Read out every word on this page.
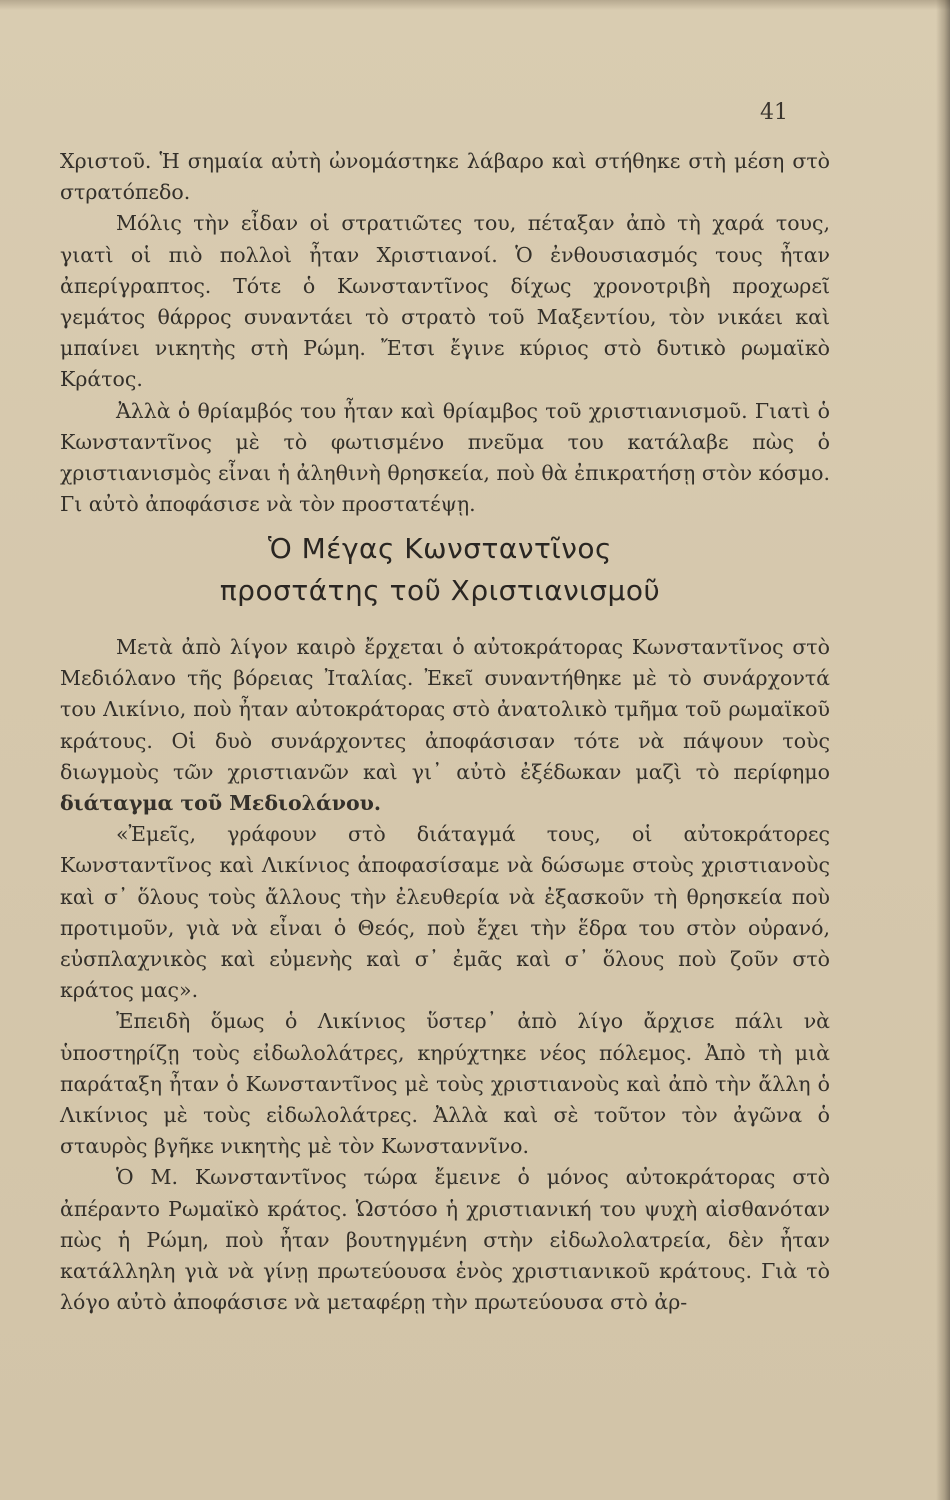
41

Χριστοῦ. Ἡ σημαία αὐτὴ ὠνομάστηκε λάβαρο καὶ στήθηκε στὴ μέση στὸ στρατόπεδο.

Μόλις τὴν εἶδαν οἱ στρατιῶτες του, πέταξαν ἀπὸ τὴ χαρά τους, γιατὶ οἱ πιὸ πολλοὶ ἦταν Χριστιανοί. Ὁ ἐνθουσιασμός τους ἦταν ἀπερίγραπτος. Τότε ὁ Κωνσταντῖνος δίχως χρονοτριβὴ προχωρεῖ γεμάτος θάρρος συναντάει τὸ στρατὸ τοῦ Μαξεντίου, τὸν νικάει καὶ μπαίνει νικητὴς στὴ Ρώμη. Ἔτσι ἔγινε κύριος στὸ δυτικὸ ρωμαϊκὸ Κράτος.

Ἀλλὰ ὁ θρίαμβός του ἦταν καὶ θρίαμβος τοῦ χριστιανισμοῦ. Γιατὶ ὁ Κωνσταντῖνος μὲ τὸ φωτισμένο πνεῦμα του κατάλαβε πὼς ὁ χριστιανισμὸς εἶναι ἡ ἀληθινὴ θρησκεία, ποὺ θὰ ἐπικρατήσῃ στὸν κόσμο. Γι αὐτὸ ἀποφάσισε νὰ τὸν προστατέψῃ.

Ὁ Μέγας Κωνσταντῖνος
προστάτης τοῦ Χριστιανισμοῦ

Μετὰ ἀπὸ λίγον καιρὸ ἔρχεται ὁ αὐτοκράτορας Κωνσταντῖνος στὸ Μεδιόλανο τῆς βόρειας Ἰταλίας. Ἐκεῖ συναντήθηκε μὲ τὸ συνάρχοντά του Λικίνιο, ποὺ ἦταν αὐτοκράτορας στὸ ἀνατολικὸ τμῆμα τοῦ ρωμαϊκοῦ κράτους. Οἱ δυὸ συνάρχοντες ἀποφάσισαν τότε νὰ πάψουν τοὺς διωγμοὺς τῶν χριστιανῶν καὶ γι᾿ αὐτὸ ἐξέδωκαν μαζὶ τὸ περίφημο διάταγμα τοῦ Μεδιολάνου.

«Ἐμεῖς, γράφουν στὸ διάταγμά τους, οἱ αὐτοκράτορες Κωνσταντῖνος καὶ Λικίνιος ἀποφασίσαμε νὰ δώσωμε στοὺς χριστιανοὺς καὶ σ᾿ ὅλους τοὺς ἄλλους τὴν ἐλευθερία νὰ ἐξασκοῦν τὴ θρησκεία ποὺ προτιμοῦν, γιὰ νὰ εἶναι ὁ Θεός, ποὺ ἔχει τὴν ἕδρα του στὸν οὐρανό, εὐσπλαχνικὸς καὶ εὐμενὴς καὶ σ᾿ ἐμᾶς καὶ σ᾿ ὅλους ποὺ ζοῦν στὸ κράτος μας».

Ἐπειδὴ ὅμως ὁ Λικίνιος ὕστερ᾿ ἀπὸ λίγο ἄρχισε πάλι νὰ ὑποστηρίζῃ τοὺς εἰδωλολάτρες, κηρύχτηκε νέος πόλεμος. Ἀπὸ τὴ μιὰ παράταξη ἦταν ὁ Κωνσταντῖνος μὲ τοὺς χριστιανοὺς καὶ ἀπὸ τὴν ἄλλη ὁ Λικίνιος μὲ τοὺς εἰδωλολάτρες. Ἀλλὰ καὶ σὲ τοῦτον τὸν ἀγῶνα ὁ σταυρὸς βγῆκε νικητὴς μὲ τὸν Κωνσταννῖνο.

Ὁ Μ. Κωνσταντῖνος τώρα ἔμεινε ὁ μόνος αὐτοκράτορας στὸ ἀπέραντο Ρωμαϊκὸ κράτος. Ὡστόσο ἡ χριστιανική του ψυχὴ αἰσθανόταν πὼς ἡ Ρώμη, ποὺ ἦταν βουτηγμένη στὴν εἰδωλολατρεία, δὲν ἦταν κατάλληλη γιὰ νὰ γίνῃ πρωτεύουσα ἑνὸς χριστιανικοῦ κράτους. Γιὰ τὸ λόγο αὐτὸ ἀποφάσισε νὰ μεταφέρῃ τὴν πρωτεύουσα στὸ ἀρ-
